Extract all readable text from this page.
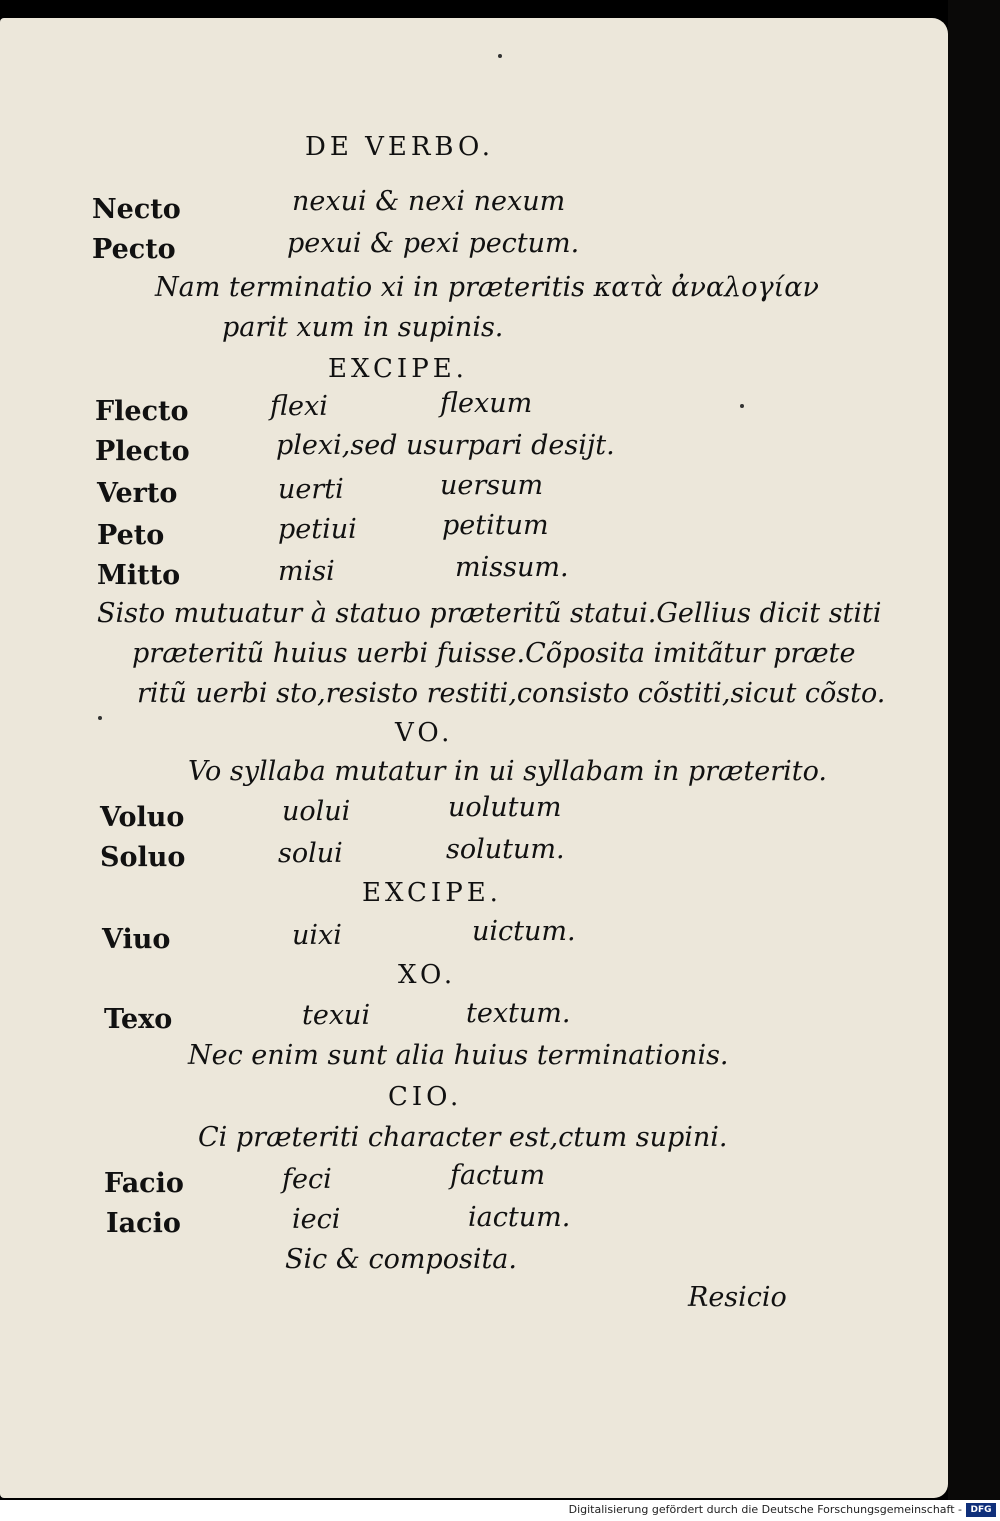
DE VERBO.
Necto	nexui & nexi nexum
Pecto	pexui & pexi pectum.
Nam terminatio xi in præteritis κατὰ ἀναλογίαν
parit xum in supinis.
EXCIPE.
Flecto	flexi	flexum
Plecto	plexi,sed usurpari desijt.
Verto	uerti	uersum
Peto	petiui	petitum
Mitto	misi	missum.
Sisto mutuatur à statuo præteritũ statui.Gellius dicit stiti
præteritũ huius uerbi fuisse.Cõposita imitãtur præte
ritũ uerbi sto,resisto restiti,consisto cõstiti,sicut cõsto.
VO.
Vo syllaba mutatur in ui syllabam in præterito.
Voluo	uolui	uolutum
Soluo	solui	solutum.
EXCIPE.
Viuo	uixi	uictum.
XO.
Texo	texui	textum.
Nec enim sunt alia huius terminationis.
CIO.
Ci præteriti character est,ctum supini.
Facio	feci	factum
Iacio	ieci	iactum.
Sic & composita.
Resicio
Digitalisierung gefördert durch die Deutsche Forschungsgemeinschaft - DFG
